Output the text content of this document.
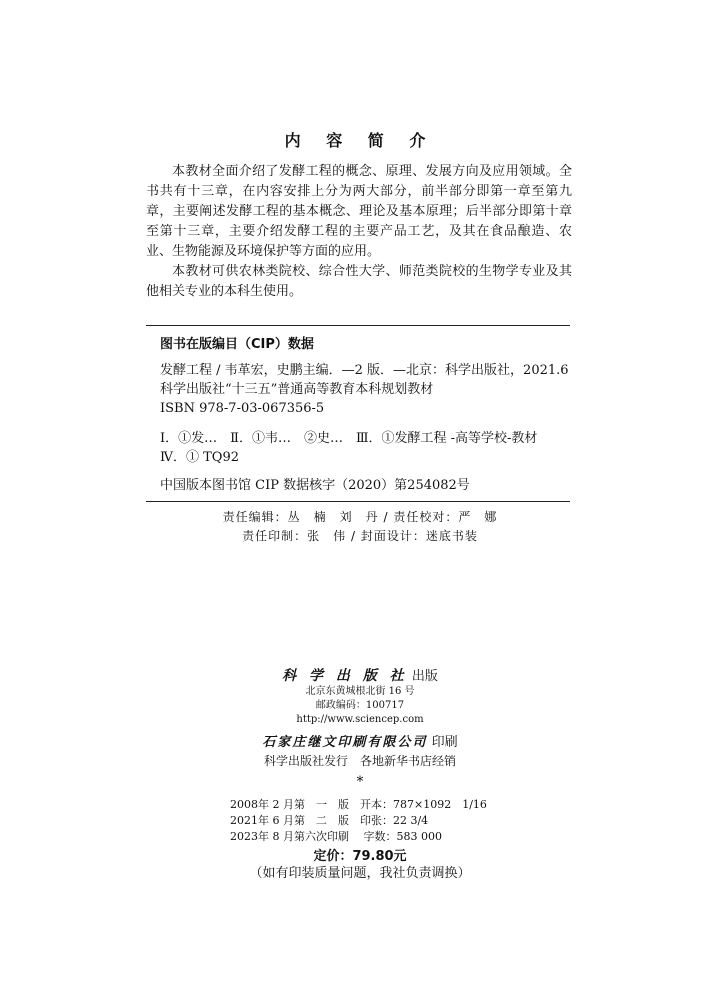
内 容 简 介

本教材全面介绍了发酵工程的概念、原理、发展方向及应用领域。全书共有十三章，在内容安排上分为两大部分，前半部分即第一章至第九章，主要阐述发酵工程的基本概念、理论及基本原理；后半部分即第十章至第十三章，主要介绍发酵工程的主要产品工艺，及其在食品酿造、农业、生物能源及环境保护等方面的应用。

本教材可供农林类院校、综合性大学、师范类院校的生物学专业及其他相关专业的本科生使用。

图书在版编目（CIP）数据
发酵工程 / 韦革宏，史鹏主编．—2 版．—北京：科学出版社，2021.6
科学出版社“十三五”普通高等教育本科规划教材
ISBN 978-7-03-067356-5
Ⅰ．①发…　Ⅱ．①韦…　②史…　Ⅲ．①发酵工程 -高等学校-教材
Ⅳ．① TQ92
中国版本图书馆 CIP 数据核字（2020）第254082号
责任编辑：丛　楠　刘　丹 / 责任校对：严　娜
责任印制：张　伟 / 封面设计：迷底书装
科 学 出 版 社 出版
北京东黄城根北街 16 号
邮政编码：100717
http://www.sciencep.com
石家庄继文印刷有限公司 印刷
科学出版社发行　各地新华书店经销
*
2008年 2 月第　一　版　开本：787×1092　1/16
2021年 6 月第　二　版　印张：22 3/4
2023年 8 月第六次印刷　 字数：583 000
定价：79.80元
（如有印装质量问题，我社负责调换）
